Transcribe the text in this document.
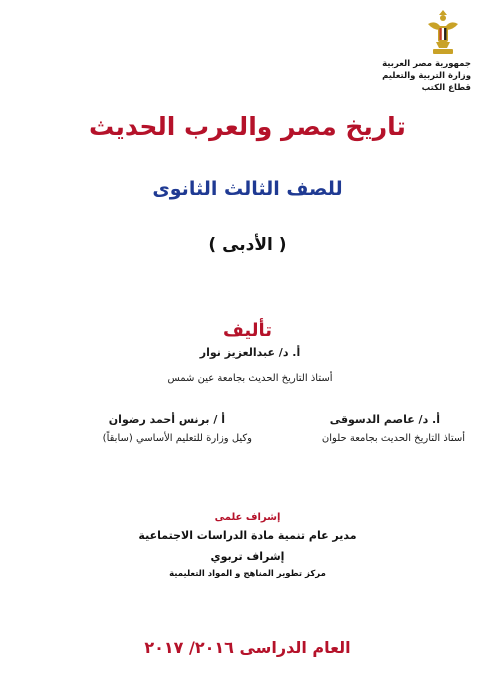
جمهورية مصر العربية
وزارة التربية والتعليم
قطاع الكتب
تاريخ مصر والعرب الحديث
للصف الثالث الثانوى
( الأدبى )
تأليف
أ. د/ عبدالعزيز نوار
أستاذ التاريخ الحديث بجامعة عين شمس
أ. د/ عاصم الدسوقى
أستاذ التاريخ الحديث بجامعة حلوان
أ / برنس أحمد رضوان
وكيل وزارة للتعليم الأساسي (سابقاً)
إشراف علمى
مدير عام تنمية مادة الدراسات الاجتماعية
إشراف تربوي
مركز تطوير المناهج و المواد التعليمية
العام الدراسى ٢٠١٦/ ٢٠١٧
